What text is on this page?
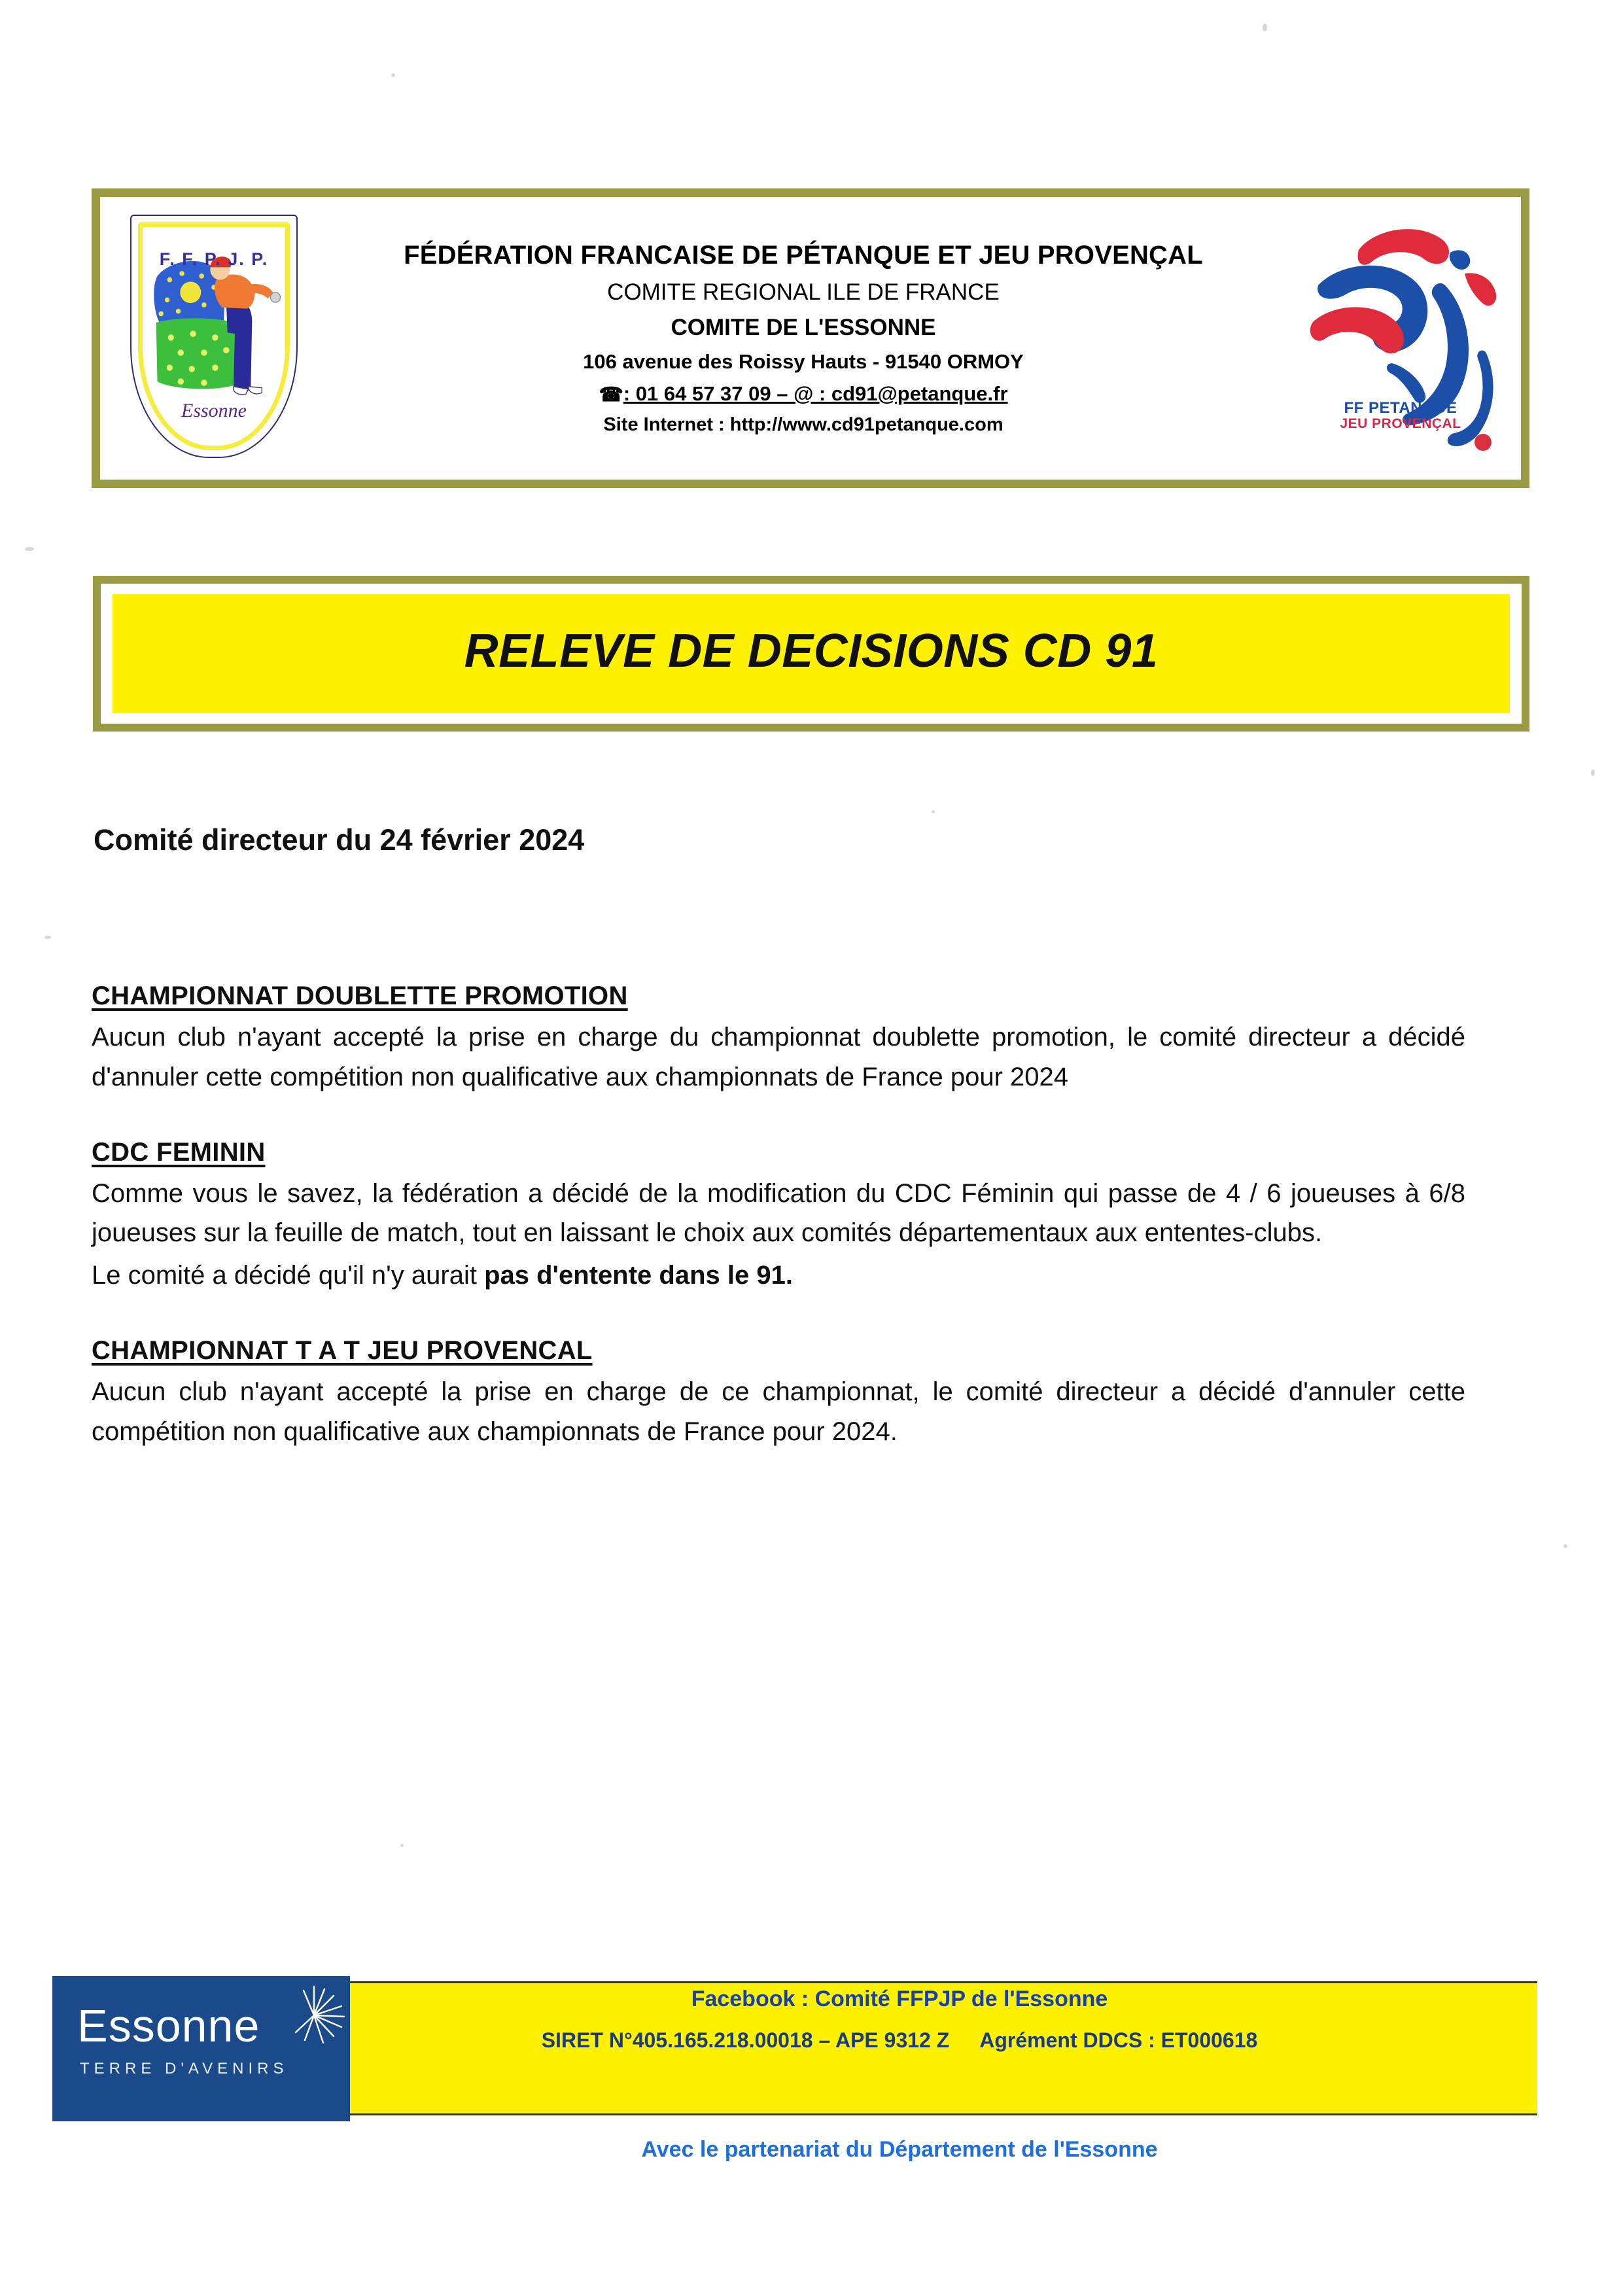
F. F. P. J. P.
Essonne
FÉDÉRATION FRANCAISE DE PÉTANQUE ET JEU PROVENÇAL
COMITE REGIONAL ILE DE FRANCE
COMITE DE L'ESSONNE
106 avenue des Roissy Hauts - 91540 ORMOY
☎: 01 64 57 37 09 – @ : cd91@petanque.fr
Site Internet : http://www.cd91petanque.com
FF PETANQUE
JEU PROVENÇAL
RELEVE DE DECISIONS CD 91
Comité directeur du 24 février 2024
CHAMPIONNAT DOUBLETTE PROMOTION

Aucun club n'ayant accepté la prise en charge du championnat doublette promotion, le comité directeur a décidé d'annuler cette compétition non qualificative aux championnats de France pour 2024

CDC FEMININ

Comme vous le savez, la fédération a décidé de la modification du CDC Féminin qui passe de 4 / 6 joueuses à 6/8 joueuses sur la feuille de match, tout en laissant le choix aux comités départementaux aux ententes-clubs.

Le comité a décidé qu'il n'y aurait pas d'entente dans le 91.

CHAMPIONNAT T A T JEU PROVENCAL

Aucun club n'ayant accepté la prise en charge de ce championnat, le comité directeur a décidé d'annuler cette compétition non qualificative aux championnats de France pour 2024.

Essonne
TERRE D'AVENIRS
Facebook : Comité FFPJP de l'Essonne
SIRET N°405.165.218.00018 – APE 9312 Z Agrément DDCS : ET000618
Avec le partenariat du Département de l'Essonne
